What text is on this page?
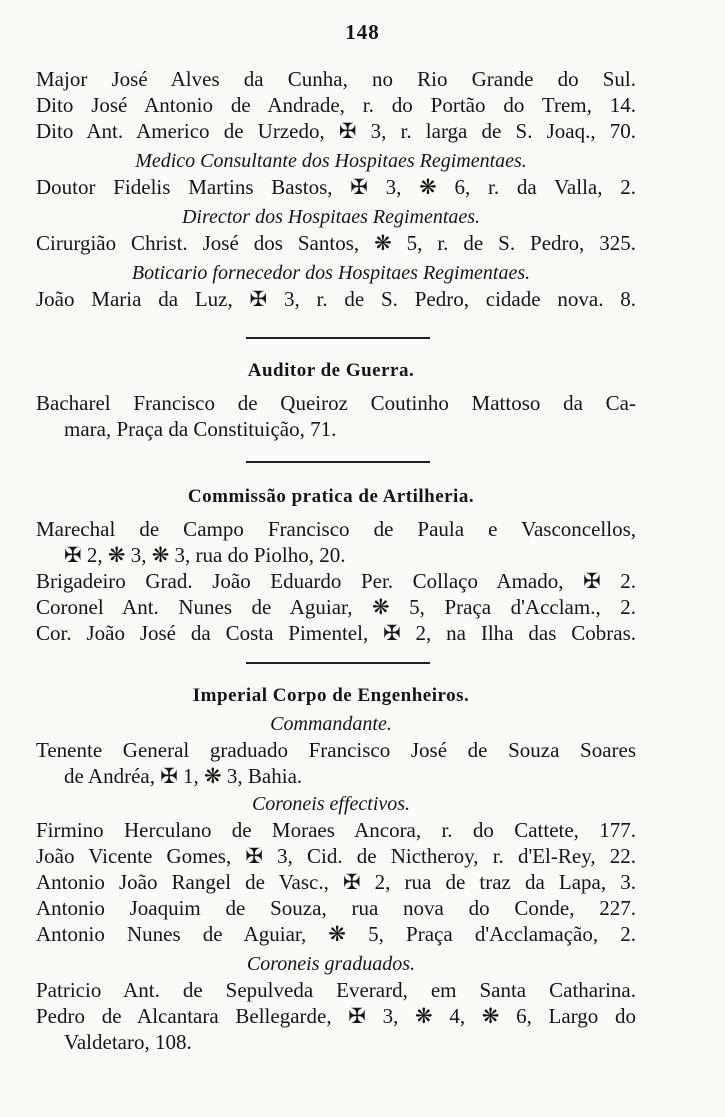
148
Major José Alves da Cunha, no Rio Grande do Sul.
Dito José Antonio de Andrade, r. do Portão do Trem, 14.
Dito Ant. Americo de Urzedo, ✠ 3, r. larga de S. Joaq., 70.
Medico Consultante dos Hospitaes Regimentaes.
Doutor Fidelis Martins Bastos, ✠ 3, ❋ 6, r. da Valla, 2.
Director dos Hospitaes Regimentaes.
Cirurgião Christ. José dos Santos, ❋ 5, r. de S. Pedro, 325.
Boticario fornecedor dos Hospitaes Regimentaes.
João Maria da Luz, ✠ 3, r. de S. Pedro, cidade nova. 8.
Auditor de Guerra.
Bacharel Francisco de Queiroz Coutinho Mattoso da Ca-
mara, Praça da Constituição, 71.
Commissão pratica de Artilheria.
Marechal de Campo Francisco de Paula e Vasconcellos,
✠ 2, ❋ 3, ❋ 3, rua do Piolho, 20.
Brigadeiro Grad. João Eduardo Per. Collaço Amado, ✠ 2.
Coronel Ant. Nunes de Aguiar, ❋ 5, Praça d'Acclam., 2.
Cor. João José da Costa Pimentel, ✠ 2, na Ilha das Cobras.
Imperial Corpo de Engenheiros.
Commandante.
Tenente General graduado Francisco José de Souza Soares
de Andréa, ✠ 1, ❋ 3, Bahia.
Coroneis effectivos.
Firmino Herculano de Moraes Ancora, r. do Cattete, 177.
João Vicente Gomes, ✠ 3, Cid. de Nictheroy, r. d'El-Rey, 22.
Antonio João Rangel de Vasc., ✠ 2, rua de traz da Lapa, 3.
Antonio Joaquim de Souza, rua nova do Conde, 227.
Antonio Nunes de Aguiar, ❋ 5, Praça d'Acclamação, 2.
Coroneis graduados.
Patricio Ant. de Sepulveda Everard, em Santa Catharina.
Pedro de Alcantara Bellegarde, ✠ 3, ❋ 4, ❋ 6, Largo do
Valdetaro, 108.
